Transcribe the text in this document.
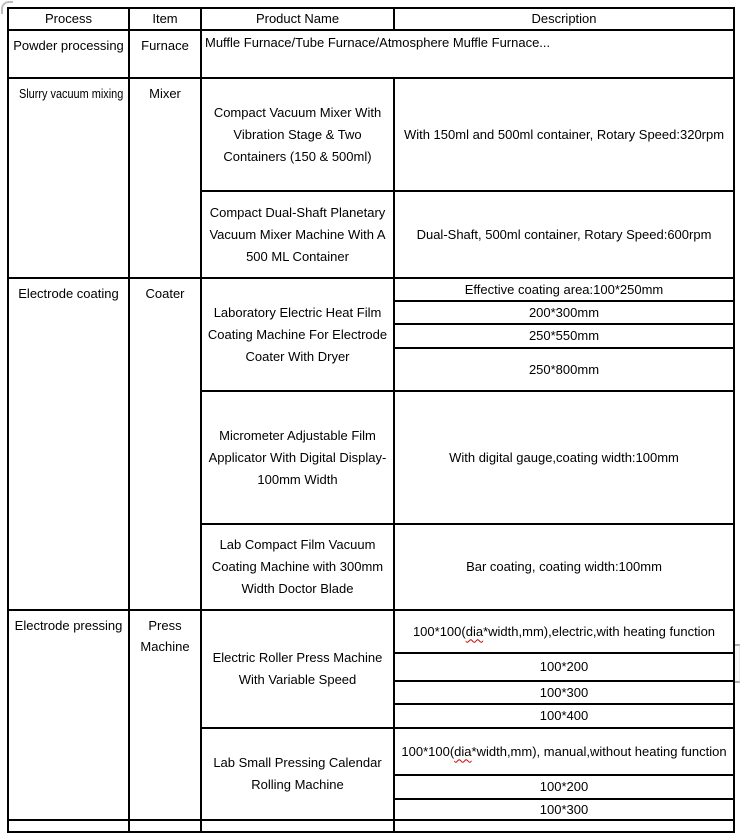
Process	Item	Product Name	Description
Powder processing	Furnace	Muffle Furnace/Tube Furnace/Atmosphere Muffle Furnace...	
Slurry vacuum mixing	Mixer	Compact Vacuum Mixer With Vibration Stage & Two Containers (150 & 500ml)	With 150ml and 500ml container, Rotary Speed:320rpm
		Compact Dual-Shaft Planetary Vacuum Mixer Machine With A 500 ML Container	Dual-Shaft, 500ml container, Rotary Speed:600rpm
Electrode coating	Coater	Laboratory Electric Heat Film Coating Machine For Electrode Coater With Dryer	Effective coating area:100*250mm
			200*300mm
			250*550mm
			250*800mm
		Micrometer Adjustable Film Applicator With Digital Display-100mm Width	With digital gauge,coating width:100mm
		Lab Compact Film Vacuum Coating Machine with 300mm Width Doctor Blade	Bar coating, coating width:100mm
Electrode pressing	Press Machine	Electric Roller Press Machine With Variable Speed	100*100(dia*width,mm),electric,with heating function
			100*200
			100*300
			100*400
		Lab Small Pressing Calendar Rolling Machine	100*100(dia*width,mm), manual,without heating function
			100*200
			100*300
